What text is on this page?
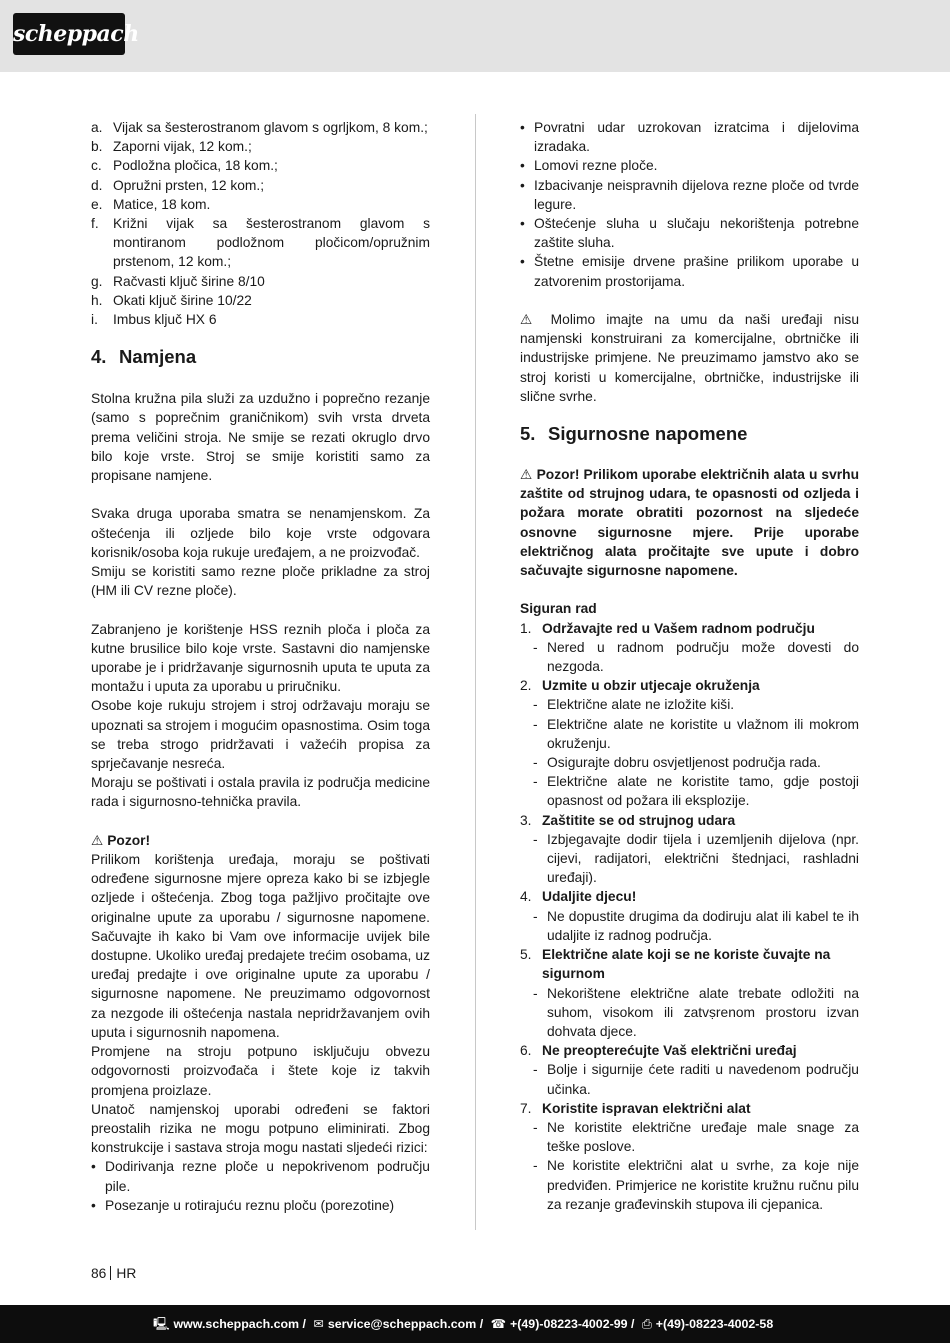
scheppach
a. Vijak sa šesterostranom glavom s ogrljkom, 8 kom.;
b. Zaporni vijak, 12 kom.;
c. Podložna pločica, 18 kom.;
d. Opružni prsten, 12 kom.;
e. Matice, 18 kom.
f. Križni vijak sa šesterostranom glavom s montiranom podložnom pločicom/opružnim prstenom, 12 kom.;
g. Račvasti ključ širine 8/10
h. Okati ključ širine 10/22
i. Imbus ključ HX 6
4. Namjena
Stolna kružna pila služi za uzdužno i poprečno rezanje (samo s poprečnim graničnikom) svih vrsta drveta prema veličini stroja. Ne smije se rezati okruglo drvo bilo koje vrste. Stroj se smije koristiti samo za propisane namjene.
Svaka druga uporaba smatra se nenamjenskom. Za oštećenja ili ozljede bilo koje vrste odgovara korisnik/osoba koja rukuje uređajem, a ne proizvođač.
Smiju se koristiti samo rezne ploče prikladne za stroj (HM ili CV rezne ploče).
Zabranjeno je korištenje HSS reznih ploča i ploča za kutne brusilice bilo koje vrste. Sastavni dio namjenske uporabe je i pridržavanje sigurnosnih uputa te uputa za montažu i uputa za uporabu u priručniku.
Osobe koje rukuju strojem i stroj održavaju moraju se upoznati sa strojem i mogućim opasnostima. Osim toga se treba strogo pridržavati i važećih propisa za sprječavanje nesreća.
Moraju se poštivati i ostala pravila iz područja medicine rada i sigurnosno-tehnička pravila.
⚠ Pozor!
Prilikom korištenja uređaja, moraju se poštivati određene sigurnosne mjere opreza kako bi se izbjegle ozljede i oštećenja. Zbog toga pažljivo pročitajte ove originalne upute za uporabu / sigurnosne napomene. Sačuvajte ih kako bi Vam ove informacije uvijek bile dostupne. Ukoliko uređaj predajete trećim osobama, uz uređaj predajte i ove originalne upute za uporabu / sigurnosne napomene. Ne preuzimamo odgovornost za nezgode ili oštećenja nastala nepridržavanjem ovih uputa i sigurnosnih napomena.
Promjene na stroju potpuno isključuju obvezu odgovornosti proizvođača i štete koje iz takvih promjena proizlaze.
Unatoč namjenskoj uporabi određeni se faktori preostalih rizika ne mogu potpuno eliminirati. Zbog konstrukcije i sastava stroja mogu nastati sljedeći rizici:
• Dodirivanja rezne ploče u nepokrivenom području pile.
• Posezanje u rotirajuću reznu ploču (porezotine)
• Povratni udar uzrokovan izratcima i dijelovima izradaka.
• Lomovi rezne ploče.
• Izbacivanje neispravnih dijelova rezne ploče od tvrde legure.
• Oštećenje sluha u slučaju nekorištenja potrebne zaštite sluha.
• Štetne emisije drvene prašine prilikom uporabe u zatvorenim prostorijama.
⚠ Molimo imajte na umu da naši uređaji nisu namjenski konstruirani za komercijalne, obrtničke ili industrijske primjene. Ne preuzimamo jamstvo ako se stroj koristi u komercijalne, obrtničke, industrijske ili slične svrhe.
5. Sigurnosne napomene
⚠ Pozor! Prilikom uporabe električnih alata u svrhu zaštite od strujnog udara, te opasnosti od ozljeda i požara morate obratiti pozornost na sljedeće osnovne sigurnosne mjere. Prije uporabe električnog alata pročitajte sve upute i dobro sačuvajte sigurnosne napomene.
Siguran rad
1. Održavajte red u Vašem radnom području
- Nered u radnom području može dovesti do nezgoda.
2. Uzmite u obzir utjecaje okruženja
- Električne alate ne izložite kiši.
- Električne alate ne koristite u vlažnom ili mokrom okruženju.
- Osigurajte dobru osvjetljenost područja rada.
- Električne alate ne koristite tamo, gdje postoji opasnost od požara ili eksplozije.
3. Zaštitite se od strujnog udara
- Izbjegavajte dodir tijela i uzemljenih dijelova (npr. cijevi, radijatori, električni štednjaci, rashladni uređaji).
4. Udaljite djecu!
- Ne dopustite drugima da dodiruju alat ili kabel te ih udaljite iz radnog područja.
5. Električne alate koji se ne koriste čuvajte na sigurnom
- Nekorištene električne alate trebate odložiti na suhom, visokom ili zatvṣrenom prostoru izvan dohvata djece.
6. Ne preopterećujte Vaš električni uređaj
- Bolje i sigurnije ćete raditi u navedenom području učinka.
7. Koristite ispravan električni alat
- Ne koristite električne uređaje male snage za teške poslove.
- Ne koristite električni alat u svrhe, za koje nije predviđen. Primjerice ne koristite kružnu ručnu pilu za rezanje građevinskih stupova ili cjepanica.
86 HR
🖳 www.scheppach.com / ✉ service@scheppach.com / ☎ +(49)-08223-4002-99 / ⎙ +(49)-08223-4002-58
